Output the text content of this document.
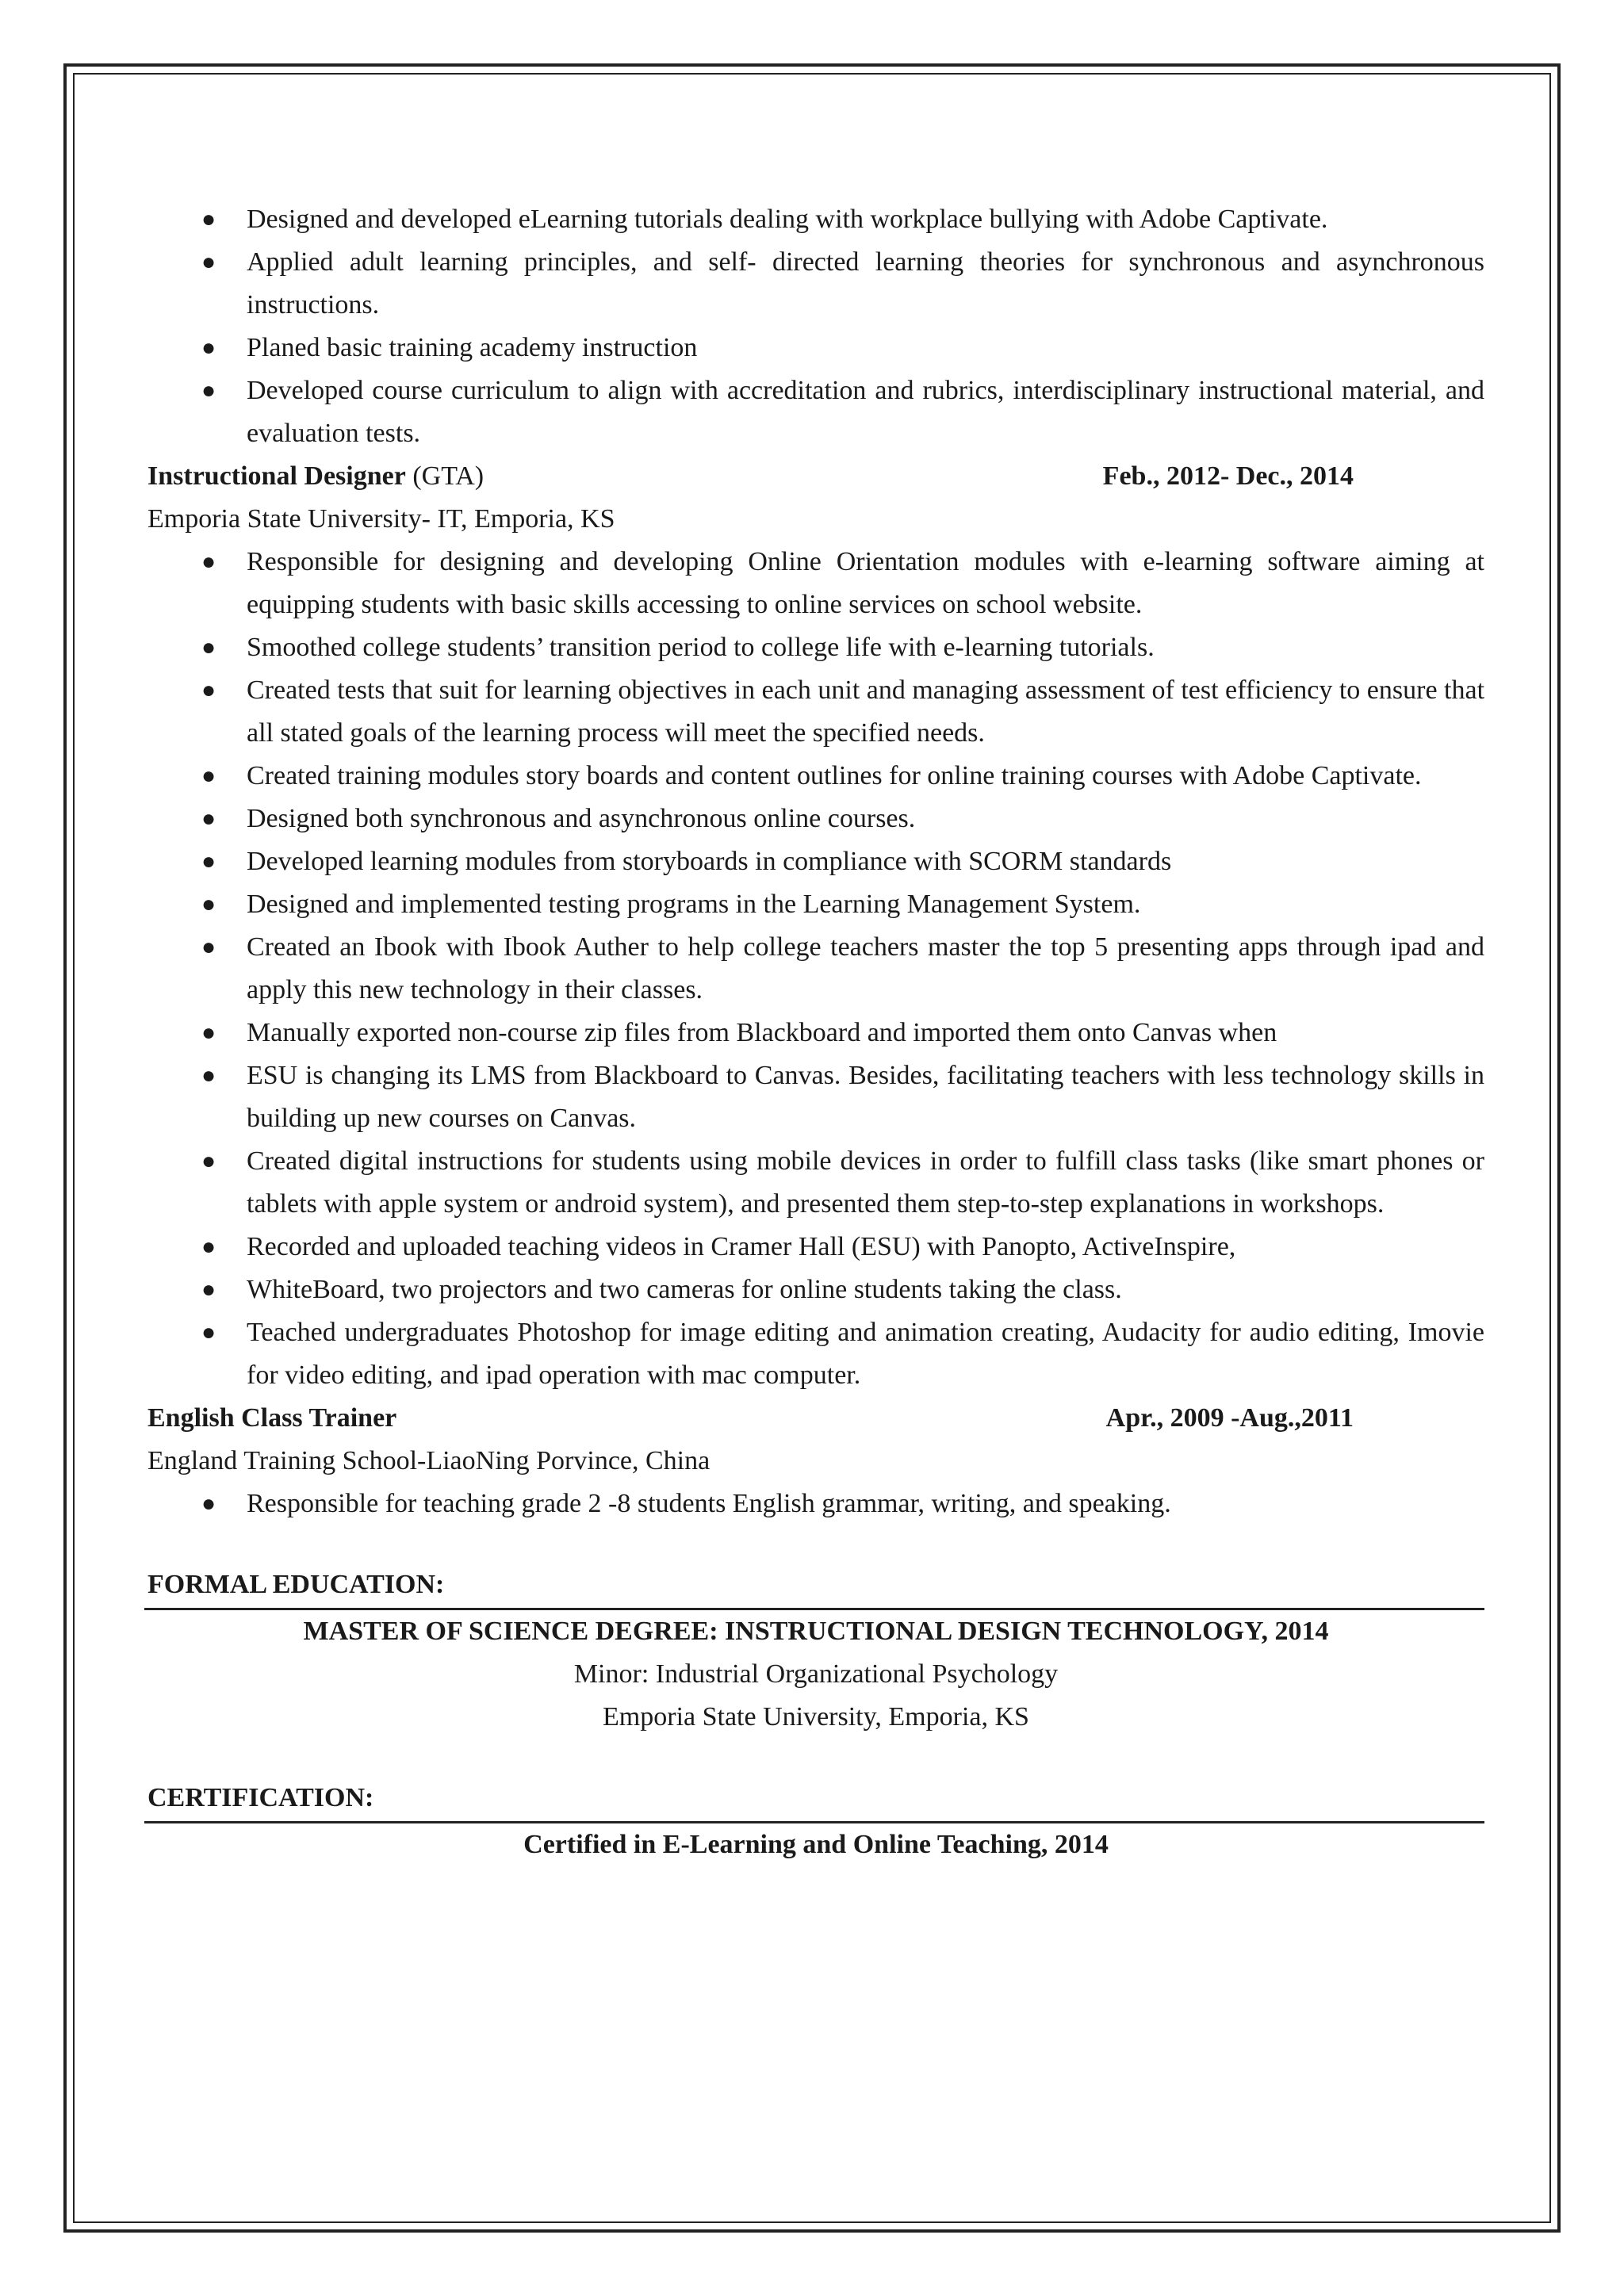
● Designed and developed eLearning tutorials dealing with workplace bullying with Adobe Captivate.
● Applied adult learning principles, and self- directed learning theories for synchronous and asynchronous instructions.
● Planed basic training academy instruction
● Developed course curriculum to align with accreditation and rubrics, interdisciplinary instructional material, and evaluation tests.
Instructional Designer (GTA)	Feb., 2012- Dec., 2014
Emporia State University- IT, Emporia, KS
● Responsible for designing and developing Online Orientation modules with e-learning software aiming at equipping students with basic skills accessing to online services on school website.
● Smoothed college students’ transition period to college life with e-learning tutorials.
● Created tests that suit for learning objectives in each unit and managing assessment of test efficiency to ensure that all stated goals of the learning process will meet the specified needs.
● Created training modules story boards and content outlines for online training courses with Adobe Captivate.
● Designed both synchronous and asynchronous online courses.
● Developed learning modules from storyboards in compliance with SCORM standards
● Designed and implemented testing programs in the Learning Management System.
● Created an Ibook with Ibook Auther to help college teachers master the top 5 presenting apps through ipad and apply this new technology in their classes.
● Manually exported non-course zip files from Blackboard and imported them onto Canvas when
● ESU is changing its LMS from Blackboard to Canvas. Besides, facilitating teachers with less technology skills in building up new courses on Canvas.
● Created digital instructions for students using mobile devices in order to fulfill class tasks (like smart phones or tablets with apple system or android system), and presented them step-to-step explanations in workshops.
● Recorded and uploaded teaching videos in Cramer Hall (ESU) with Panopto, ActiveInspire,
● WhiteBoard, two projectors and two cameras for online students taking the class.
● Teached undergraduates Photoshop for image editing and animation creating, Audacity for audio editing, Imovie for video editing, and ipad operation with mac computer.
English Class Trainer	Apr., 2009 -Aug.,2011
England Training School-LiaoNing Porvince, China
● Responsible for teaching grade 2 -8 students English grammar, writing, and speaking.
FORMAL EDUCATION:
MASTER OF SCIENCE DEGREE: INSTRUCTIONAL DESIGN TECHNOLOGY, 2014
Minor: Industrial Organizational Psychology
Emporia State University, Emporia, KS
CERTIFICATION:
Certified in E-Learning and Online Teaching, 2014
